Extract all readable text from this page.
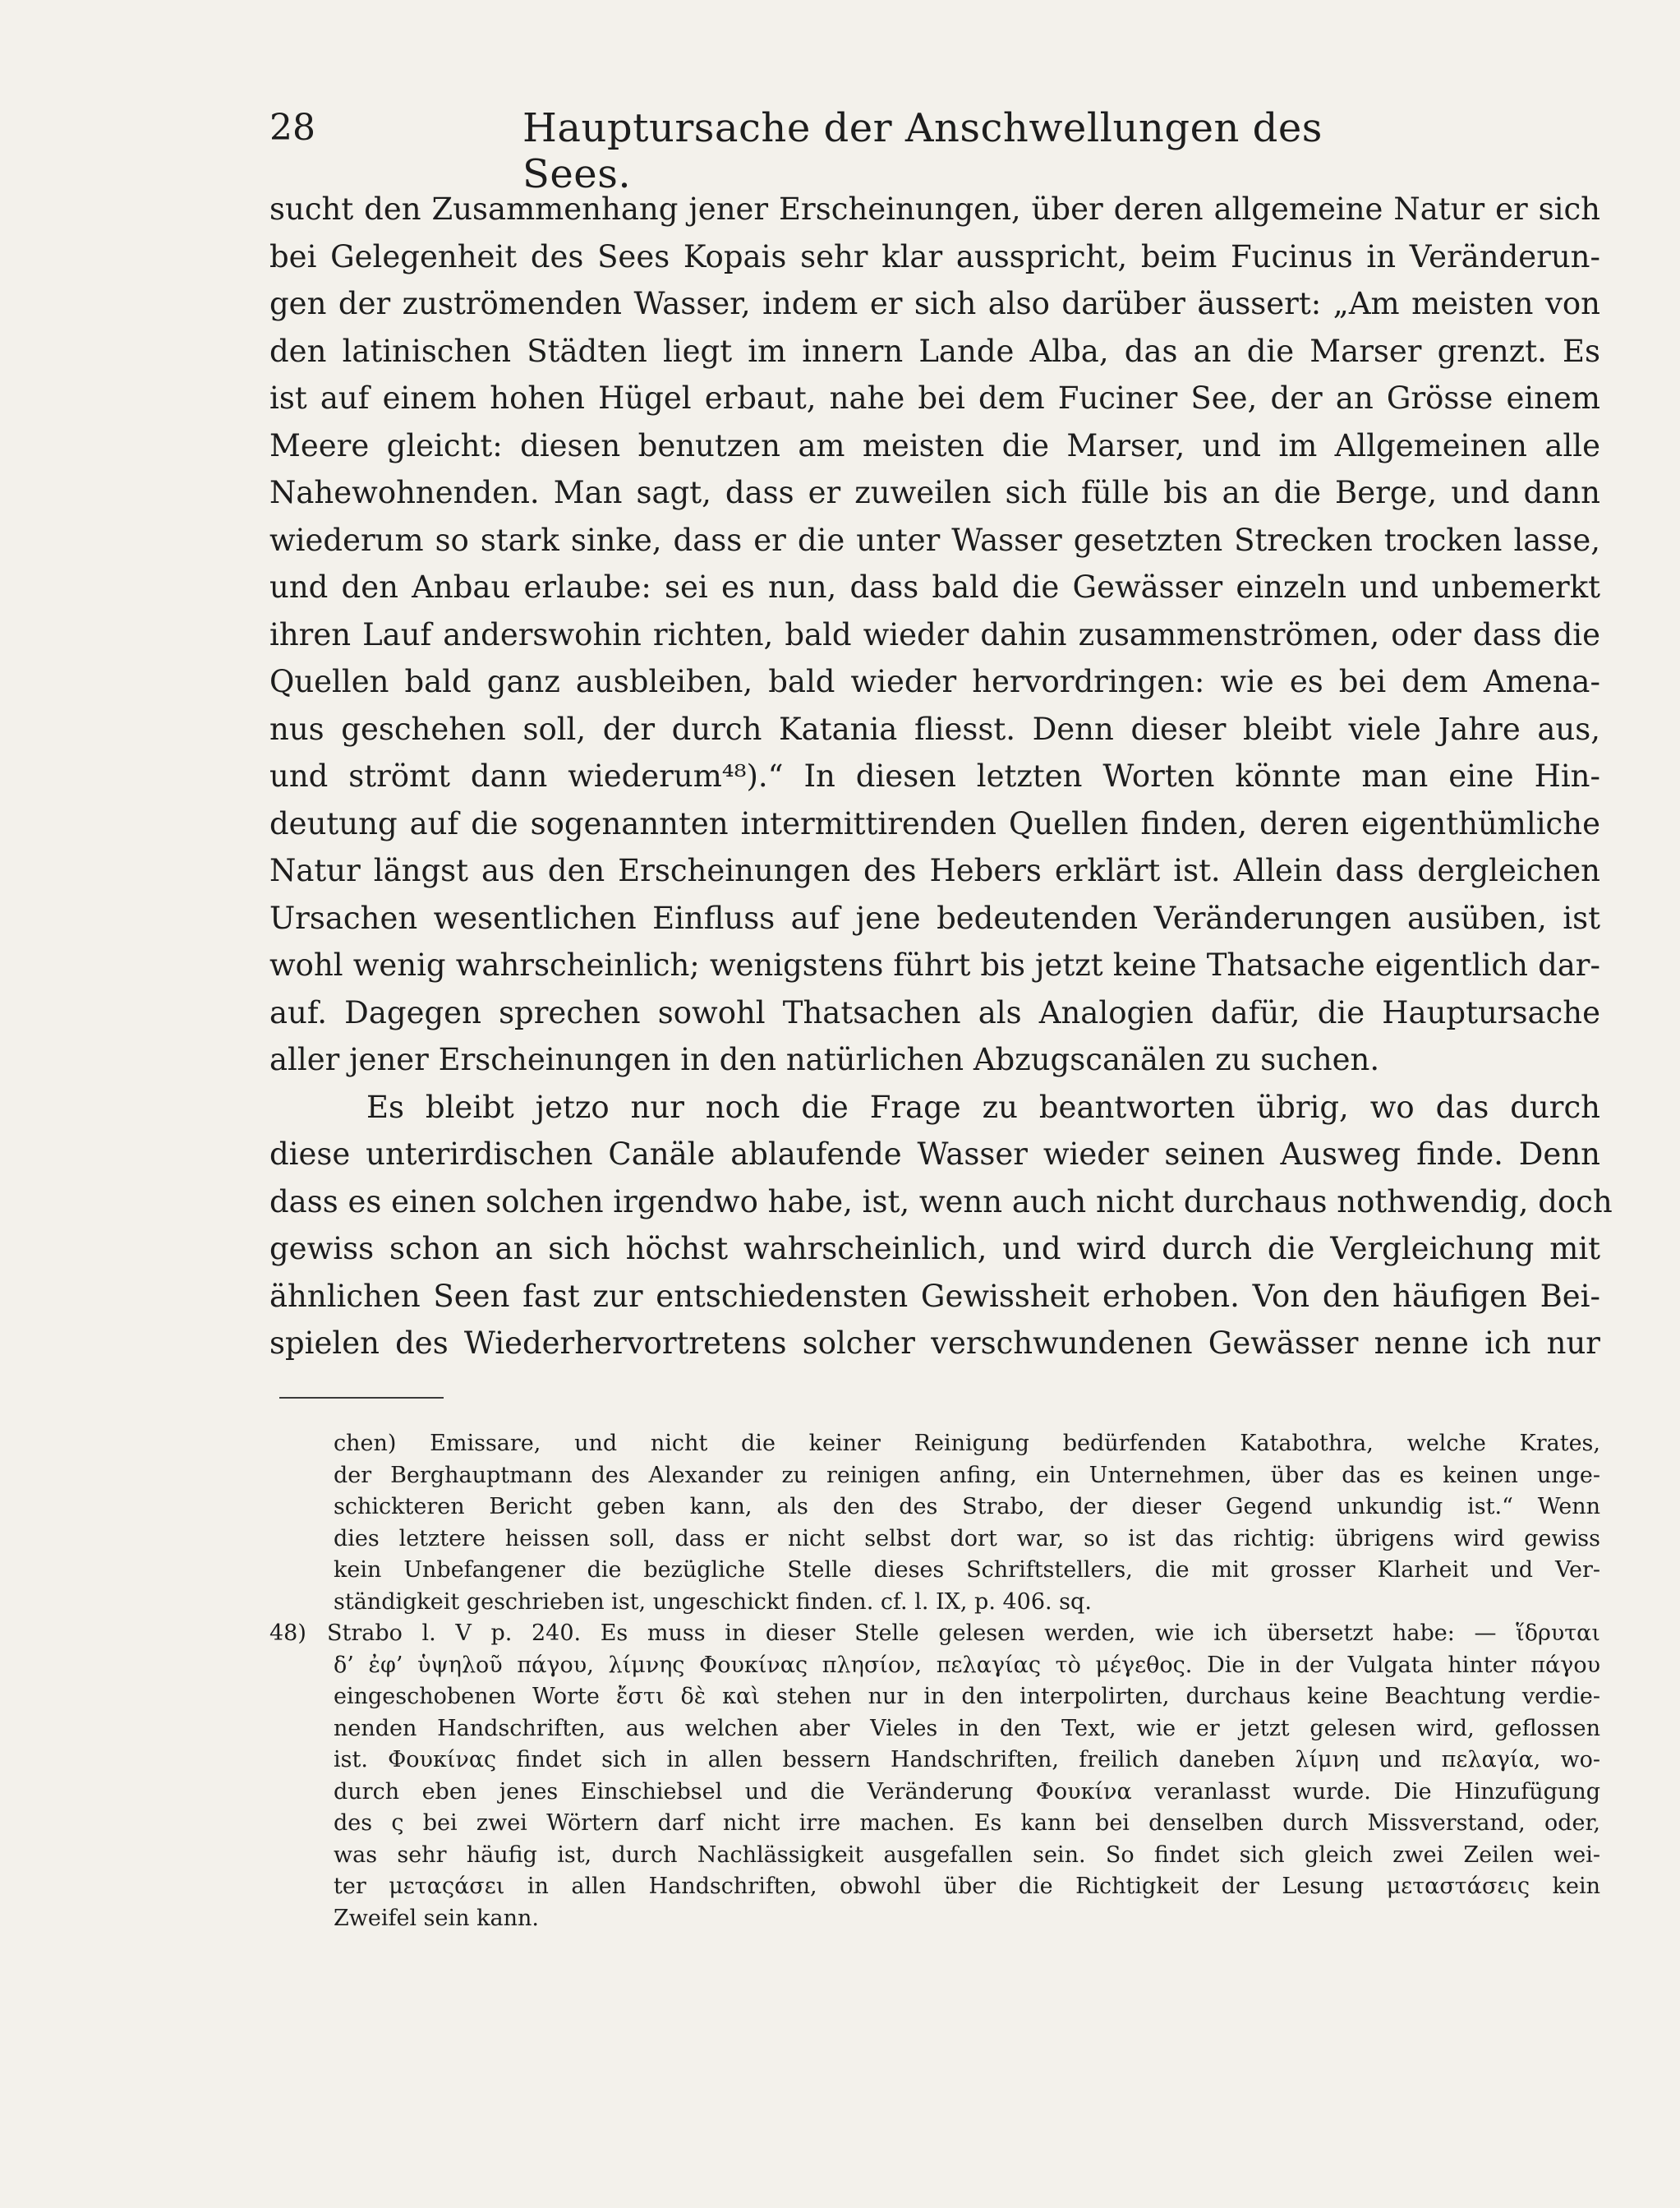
28	Hauptursache der Anschwellungen des Sees.
sucht den Zusammenhang jener Erscheinungen, über deren allgemeine Natur er sich
bei Gelegenheit des Sees Kopais sehr klar ausspricht, beim Fucinus in Veränderun-
gen der zuströmenden Wasser, indem er sich also darüber äussert: „Am meisten von
den latinischen Städten liegt im innern Lande Alba, das an die Marser grenzt. Es
ist auf einem hohen Hügel erbaut, nahe bei dem Fuciner See, der an Grösse einem
Meere gleicht: diesen benutzen am meisten die Marser, und im Allgemeinen alle
Nahewohnenden. Man sagt, dass er zuweilen sich fülle bis an die Berge, und dann
wiederum so stark sinke, dass er die unter Wasser gesetzten Strecken trocken lasse,
und den Anbau erlaube: sei es nun, dass bald die Gewässer einzeln und unbemerkt
ihren Lauf anderswohin richten, bald wieder dahin zusammenströmen, oder dass die
Quellen bald ganz ausbleiben, bald wieder hervordringen: wie es bei dem Amena-
nus geschehen soll, der durch Katania fliesst. Denn dieser bleibt viele Jahre aus,
und strömt dann wiederum⁴⁸).“ In diesen letzten Worten könnte man eine Hin-
deutung auf die sogenannten intermittirenden Quellen finden, deren eigenthümliche
Natur längst aus den Erscheinungen des Hebers erklärt ist. Allein dass dergleichen
Ursachen wesentlichen Einfluss auf jene bedeutenden Veränderungen ausüben, ist
wohl wenig wahrscheinlich; wenigstens führt bis jetzt keine Thatsache eigentlich dar-
auf. Dagegen sprechen sowohl Thatsachen als Analogien dafür, die Hauptursache
aller jener Erscheinungen in den natürlichen Abzugscanälen zu suchen.
Es bleibt jetzo nur noch die Frage zu beantworten übrig, wo das durch
diese unterirdischen Canäle ablaufende Wasser wieder seinen Ausweg finde. Denn
dass es einen solchen irgendwo habe, ist, wenn auch nicht durchaus nothwendig, doch
gewiss schon an sich höchst wahrscheinlich, und wird durch die Vergleichung mit
ähnlichen Seen fast zur entschiedensten Gewissheit erhoben. Von den häufigen Bei-
spielen des Wiederhervortretens solcher verschwundenen Gewässer nenne ich nur
chen) Emissare, und nicht die keiner Reinigung bedürfenden Katabothra, welche Krates,
der Berghauptmann des Alexander zu reinigen anfing, ein Unternehmen, über das es keinen unge-
schickteren Bericht geben kann, als den des Strabo, der dieser Gegend unkundig ist.“ Wenn
dies letztere heissen soll, dass er nicht selbst dort war, so ist das richtig: übrigens wird gewiss
kein Unbefangener die bezügliche Stelle dieses Schriftstellers, die mit grosser Klarheit und Ver-
ständigkeit geschrieben ist, ungeschickt finden. cf. l. IX, p. 406. sq.
48) Strabo l. V p. 240. Es muss in dieser Stelle gelesen werden, wie ich übersetzt habe: — ἵδρυται
δ’ ἐφ’ ὑψηλοῦ πάγου, λίμνης Φουκίνας πλησίον, πελαγίας τὸ μέγεθος. Die in der Vulgata hinter πάγου
eingeschobenen Worte ἔστι δὲ καὶ stehen nur in den interpolirten, durchaus keine Beachtung verdie-
nenden Handschriften, aus welchen aber Vieles in den Text, wie er jetzt gelesen wird, geflossen
ist. Φουκίνας findet sich in allen bessern Handschriften, freilich daneben λίμνη und πελαγία, wo-
durch eben jenes Einschiebsel und die Veränderung Φουκίνα veranlasst wurde. Die Hinzufügung
des ς bei zwei Wörtern darf nicht irre machen. Es kann bei denselben durch Missverstand, oder,
was sehr häufig ist, durch Nachlässigkeit ausgefallen sein. So findet sich gleich zwei Zeilen wei-
ter μεταςάσει in allen Handschriften, obwohl über die Richtigkeit der Lesung μεταστάσεις kein
Zweifel sein kann.
